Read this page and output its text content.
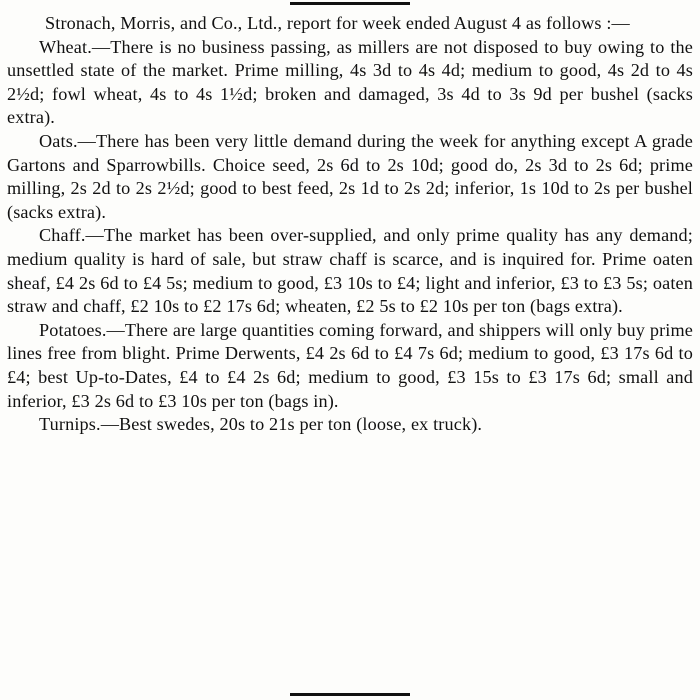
Stronach, Morris, and Co., Ltd., report for week ended August 4 as follows :—

Wheat.—There is no business passing, as millers are not disposed to buy owing to the unsettled state of the market. Prime milling, 4s 3d to 4s 4d; medium to good, 4s 2d to 4s 2½d; fowl wheat, 4s to 4s 1½d; broken and damaged, 3s 4d to 3s 9d per bushel (sacks extra).

Oats.—There has been very little demand during the week for anything except A grade Gartons and Sparrowbills. Choice seed, 2s 6d to 2s 10d; good do, 2s 3d to 2s 6d; prime milling, 2s 2d to 2s 2½d; good to best feed, 2s 1d to 2s 2d; inferior, 1s 10d to 2s per bushel (sacks extra).

Chaff.—The market has been over-supplied, and only prime quality has any demand; medium quality is hard of sale, but straw chaff is scarce, and is inquired for. Prime oaten sheaf, £4 2s 6d to £4 5s; medium to good, £3 10s to £4; light and inferior, £3 to £3 5s; oaten straw and chaff, £2 10s to £2 17s 6d; wheaten, £2 5s to £2 10s per ton (bags extra).

Potatoes.—There are large quantities coming forward, and shippers will only buy prime lines free from blight. Prime Derwents, £4 2s 6d to £4 7s 6d; medium to good, £3 17s 6d to £4; best Up-to-Dates, £4 to £4 2s 6d; medium to good, £3 15s to £3 17s 6d; small and inferior, £3 2s 6d to £3 10s per ton (bags in).

Turnips.—Best swedes, 20s to 21s per ton (loose, ex truck).
